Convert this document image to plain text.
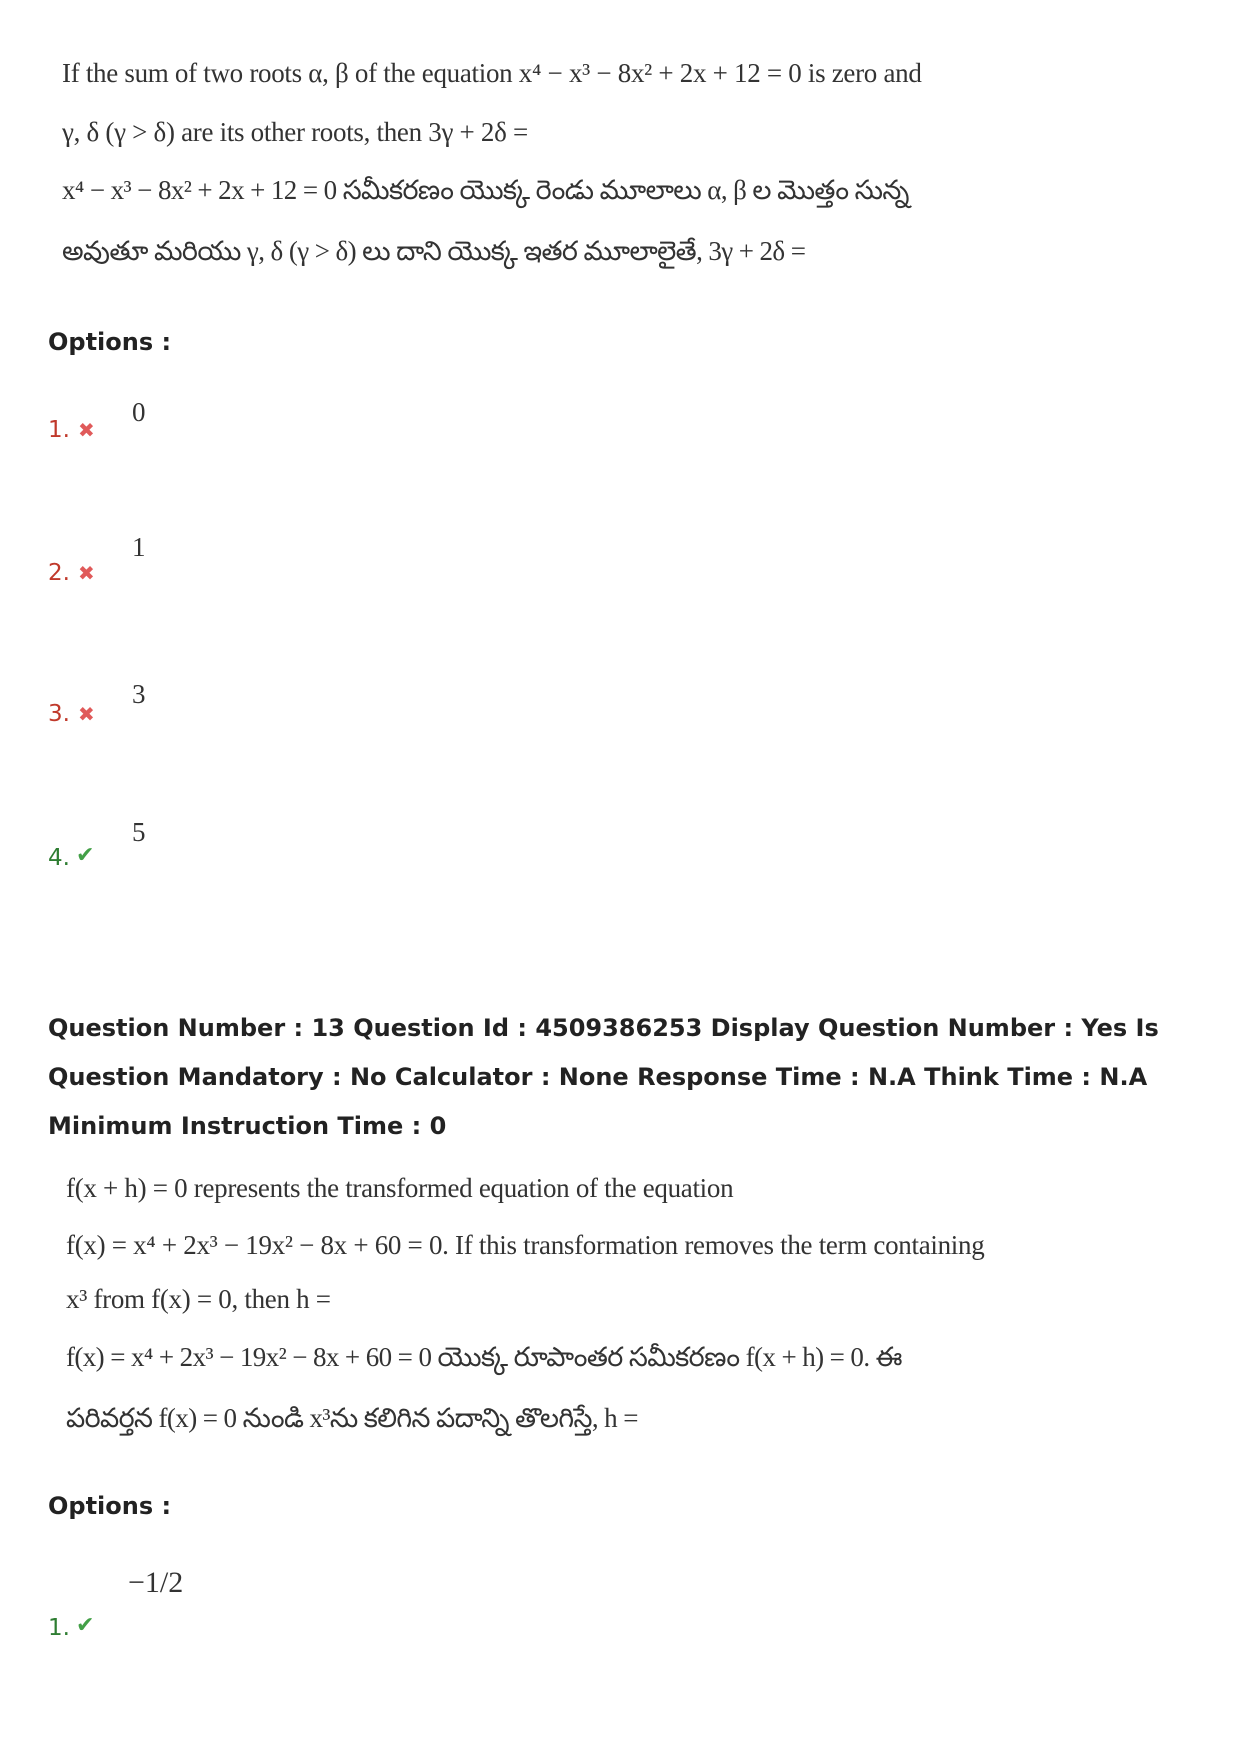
If the sum of two roots α, β of the equation x⁴ − x³ − 8x² + 2x + 12 = 0 is zero and
γ, δ (γ > δ) are its other roots, then 3γ + 2δ =
x⁴ − x³ − 8x² + 2x + 12 = 0 సమీకరణం యొక్క రెండు మూలాలు α, β ల మొత్తం సున్న
అవుతూ మరియు γ, δ (γ > δ) లు దాని యొక్క ఇతర మూలాలైతే, 3γ + 2δ =
Options :
1. ✖
0
2. ✖
1
3. ✖
3
4. ✔
5
Question Number : 13 Question Id : 4509386253 Display Question Number : Yes Is Question Mandatory : No Calculator : None Response Time : N.A Think Time : N.A Minimum Instruction Time : 0
f(x + h) = 0 represents the transformed equation of the equation
f(x) = x⁴ + 2x³ − 19x² − 8x + 60 = 0. If this transformation removes the term containing
x³ from f(x) = 0, then h =
f(x) = x⁴ + 2x³ − 19x² − 8x + 60 = 0 యొక్క రూపాంతర సమీకరణం f(x + h) = 0. ఈ
పరివర్తన f(x) = 0 నుండి x³ను కలిగిన పదాన్ని తొలగిస్తే, h =
Options :
1. ✔
−1/2
